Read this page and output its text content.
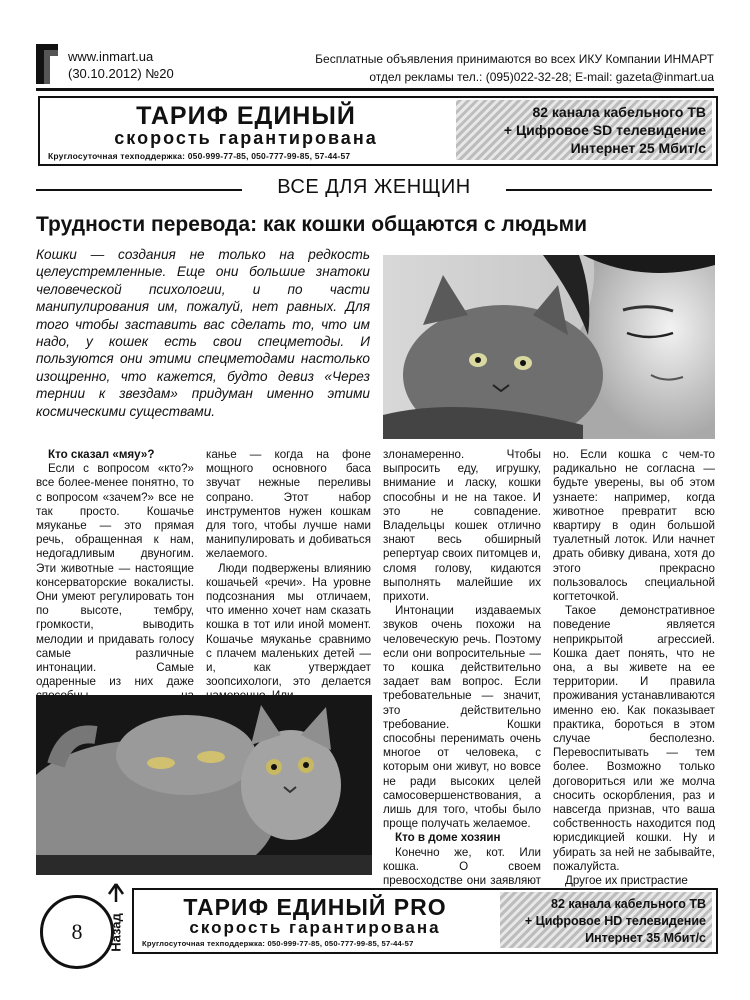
www.inmart.ua
(30.10.2012) №20
Бесплатные объявления принимаются во всех ИКУ Компании ИНМАРТ
отдел рекламы тел.: (095)022-32-28; E-mail: gazeta@inmart.ua
ТАРИФ ЕДИНЫЙ
скорость гарантирована
Круглосуточная техподдержка: 050-999-77-85, 050-777-99-85, 57-44-57
82 канала кабельного ТВ
+ Цифровое SD телевидение
Интернет 25 Мбит/с
ВСЕ ДЛЯ ЖЕНЩИН
Трудности перевода: как кошки общаются с людьми
Кошки — создания не только на редкость целеустремленные. Еще они большие знатоки человеческой психологии, и по части манипулирования им, пожалуй, нет равных. Для того чтобы заставить вас сделать то, что им надо, у кошек есть свои спецметоды. И пользуются они этими спецметодами настолько изощренно, что кажется, будто девиз «Через тернии к звездам» придуман именно этими космическими существами.
Кто сказал «мяу»?

Если с вопросом «кто?» все более-менее понятно, то с вопросом «зачем?» все не так просто. Кошачье мяуканье — это прямая речь, обращенная к нам, недогадливым двуногим. Эти животные — настоящие консерваторские вокалисты. Они умеют регулировать тон по высоте, тембру, громкости, выводить мелодии и придавать голосу самые различные интонации. Самые одаренные из них даже

канье — когда на фоне мощного основного баса звучат нежные переливы сопрано. Этот набор инструментов нужен кошкам для того, чтобы лучше нами манипулировать и добиваться желаемого.

Люди подвержены влиянию кошачьей «речи». На уровне подсознания мы отличаем, что именно хочет нам сказать кошка в тот или иной момент. Кошачье мяуканье сравнимо с плачем маленьких детей — и, как утверждает зоопсихологи, это делается

злонамеренно. Чтобы выпросить еду, игрушку, внимание и ласку, кошки способны и не на такое. И это не совпадение. Владельцы кошек отлично знают весь обширный репертуар своих питомцев и, сломя голову, кидаются выполнять малейшие их прихоти.

Интонации издаваемых звуков очень похожи на человеческую речь. Поэтому если они вопросительные — то кошка действительно задает вам вопрос. Если требовательные — значит, это действительно требование. Кошки способны перенимать очень многое от человека, с которым они живут, но вовсе не ради высоких целей самосовершенствования, а лишь для того, чтобы было проще получать желаемое.

Кто в доме хозяин

Конечно же, кот. Или кошка. О своем превосходстве они заявляют

но. Если кошка с чем-то радикально не согласна — будьте уверены, вы об этом узнаете: например, когда животное превратит всю квартиру в один большой туалетный лоток. Или начнет драть обивку дивана, хотя до этого прекрасно пользовалось специальной когтеточкой.

Такое демонстративное поведение является неприкрытой агрессией. Кошка дает понять, что не она, а вы живете на ее территории. И правила проживания устанавливаются именно ею. Как показывает практика, бороться в этом случае бесполезно. Перевоспитывать — тем более. Возможно только договориться или же молча сносить оскорбления, раз и навсегда признав, что ваша собственность находится под юрисдикцией кошки. Ну и убирать за ней не забывайте, пожалуйста.

Другое их пристрастие

8	Назад
ТАРИФ ЕДИНЫЙ PRO
скорость гарантирована
Круглосуточная техподдержка: 050-999-77-85, 050-777-99-85, 57-44-57
82 канала кабельного ТВ
+ Цифровое HD телевидение
Интернет 35 Мбит/с
